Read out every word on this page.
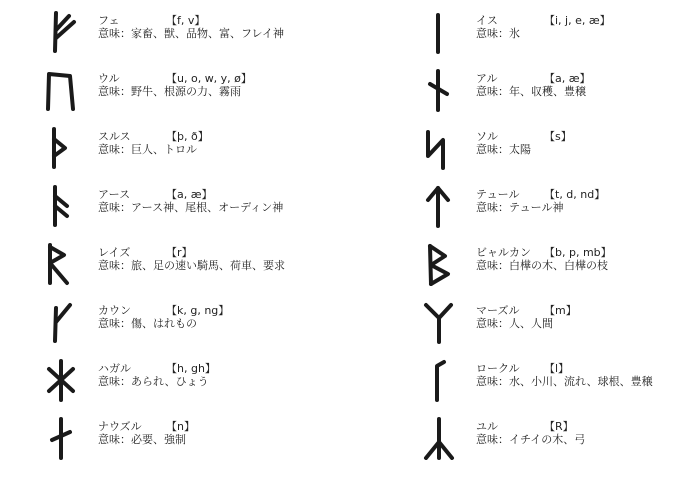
フェ	【f, v】
意味：家畜、獣、品物、富、フレイ神
ウル	【u, o, w, y, ø】
意味：野牛、根源の力、霧雨
スルス	【þ, ð】
意味：巨人、トロル
アース	【a, æ】
意味：アース神、尾根、オーディン神
レイズ	【r】
意味：旅、足の速い騎馬、荷車、要求
カウン	【k, g, ng】
意味：傷、はれもの
ハガル	【h, gh】
意味：あられ、ひょう
ナウズル 【n】
意味：必要、強制
イス	【i, j, e, æ】
意味：氷
アル	【a, æ】
意味：年、収穫、豊穣
ソル	【s】
意味：太陽
テュール 【t, d, nd】
意味：テュール神
ビャルカン 【b, p, mb】
意味：白樺の木、白樺の枝
マーズル 【m】
意味：人、人間
ロークル 【l】
意味：水、小川、流れ、球根、豊穣
ユル	【R】
意味：イチイの木、弓
